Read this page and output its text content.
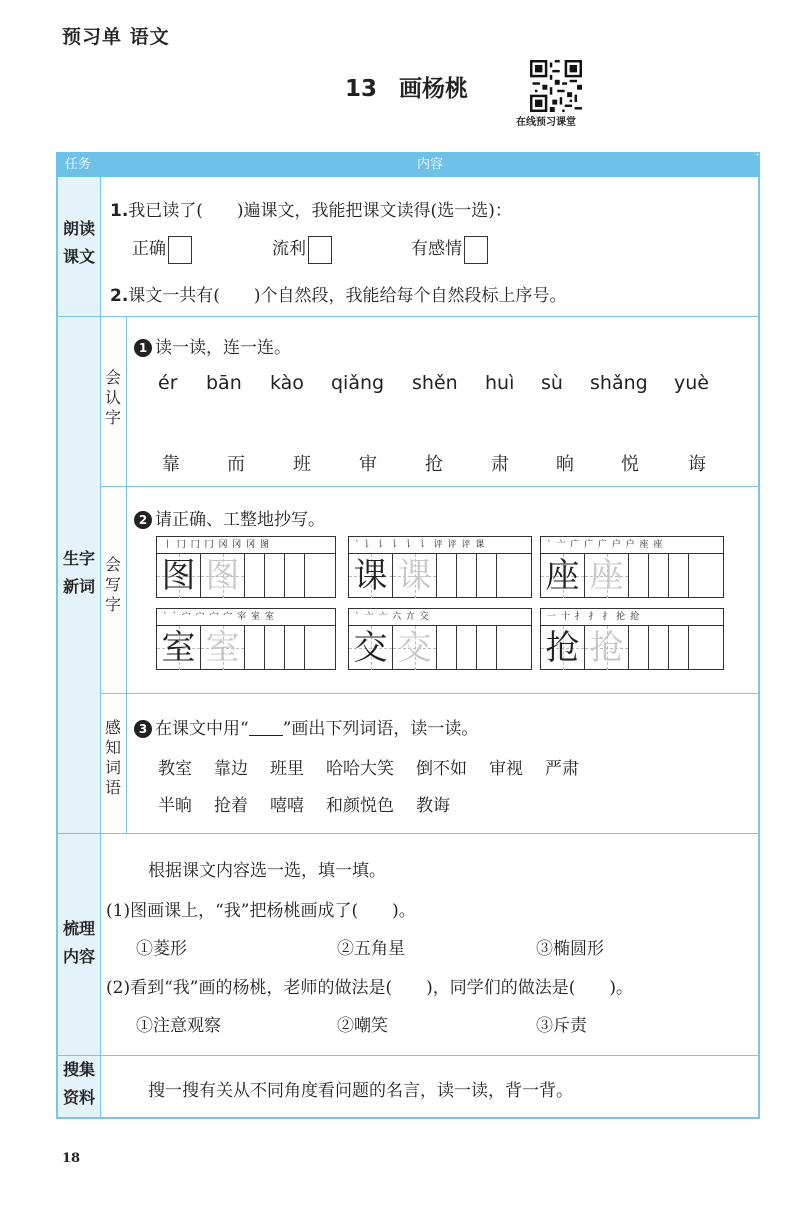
预习单 语文
13 画杨桃
在线预习课堂
任务	内容
朗读
课文
1.我已读了(　　)遍课文，我能把课文读得(选一选)：
正确	流利	有感情
2.课文一共有(　　)个自然段，我能给每个自然段标上序号。
生字
新词
会认字
1 读一读，连一连。
ér bān kào qiǎng shěn huì sù shǎng yuè
靠	而	班	审	抢	肃	晌	悦	诲
会写字
2 请正确、工整地抄写。
丨 冂 冂 冂 冈 冈 冈 图
图 图
` 讠 讠 讠 讠 讠 评 评 评 课
课 课
` 亠 广 广 广 户 户 座 座
座 座
` ` 宀 宀 宀 宀 宰 室 室
室 室
` 亠 亠 六 亣 交
交 交
一 十 扌 扌 扌 抡 抢
抢 抢
感知词语
3 在课文中用“ ”画出下列词语，读一读。
教室 靠边 班里 哈哈大笑 倒不如 审视 严肃
半晌 抢着 嘻嘻 和颜悦色 教诲
梳理
内容
根据课文内容选一选，填一填。
(1)图画课上，“我”把杨桃画成了(　　)。
①菱形	②五角星	③椭圆形
(2)看到“我”画的杨桃，老师的做法是(　　)，同学们的做法是(　　)。
①注意观察	②嘲笑	③斥责
搜集
资料	搜一搜有关从不同角度看问题的名言，读一读，背一背。
18
